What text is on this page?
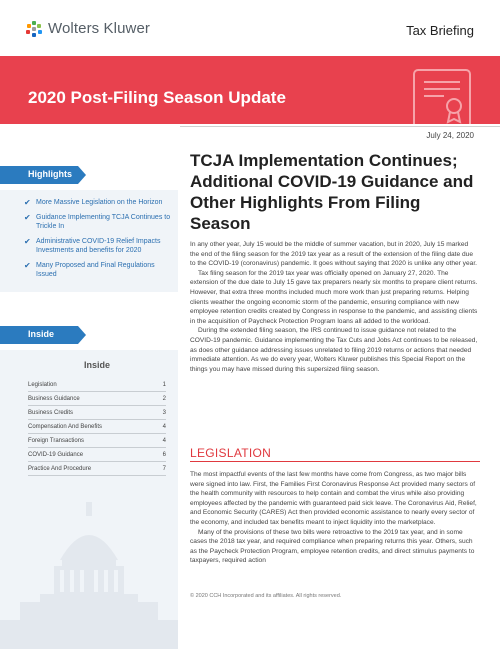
Wolters Kluwer	Tax Briefing
2020 Post-Filing Season Update
July 24, 2020
Highlights
✔ More Massive Legislation on the Horizon
✔ Guidance Implementing TCJA Continues to Trickle In
✔ Administrative COVID-19 Relief Impacts Investments and benefits for 2020
✔ Many Proposed and Final Regulations Issued
Inside
Inside
Legislation	1
Business Guidance	2
Business Credits	3
Compensation And Benefits	4
Foreign Transactions	4
COVID-19 Guidance	6
Practice And Procedure	7
TCJA Implementation Continues; Additional COVID-19 Guidance and Other Highlights From Filing Season

In any other year, July 15 would be the middle of summer vacation, but in 2020, July 15 marked the end of the filing season for the 2019 tax year as a result of the extension of the filing date due to the COVID-19 (coronavirus) pandemic. It goes without saying that 2020 is unlike any other year.

Tax filing season for the 2019 tax year was officially opened on January 27, 2020. The extension of the due date to July 15 gave tax preparers nearly six months to prepare client returns. However, that extra three months included much more work than just preparing returns. Helping clients weather the ongoing economic storm of the pandemic, ensuring compliance with new employee retention credits created by Congress in response to the pandemic, and assisting clients in the acquisition of Paycheck Protection Program loans all added to the workload.

During the extended filing season, the IRS continued to issue guidance not related to the COVID-19 pandemic. Guidance implementing the Tax Cuts and Jobs Act continues to be released, as does other guidance addressing issues unrelated to filing 2019 returns or actions that needed immediate attention. As we do every year, Wolters Kluwer publishes this Special Report on the things you may have missed during this supersized filing season.

LEGISLATION

The most impactful events of the last few months have come from Congress, as two major bills were signed into law. First, the Families First Coronavirus Response Act provided many sectors of the health community with resources to help contain and combat the virus while also providing employees affected by the pandemic with guaranteed paid sick leave. The Coronavirus Aid, Relief, and Economic Security (CARES) Act then provided economic assistance to nearly every sector of the economy, and included tax benefits meant to inject liquidity into the marketplace.

Many of the provisions of these two bills were retroactive to the 2019 tax year, and in some cases the 2018 tax year, and required compliance when preparing returns this year. Others, such as the Paycheck Protection Program, employee retention credits, and direct stimulus payments to taxpayers, required action

© 2020 CCH Incorporated and its affiliates. All rights reserved.
